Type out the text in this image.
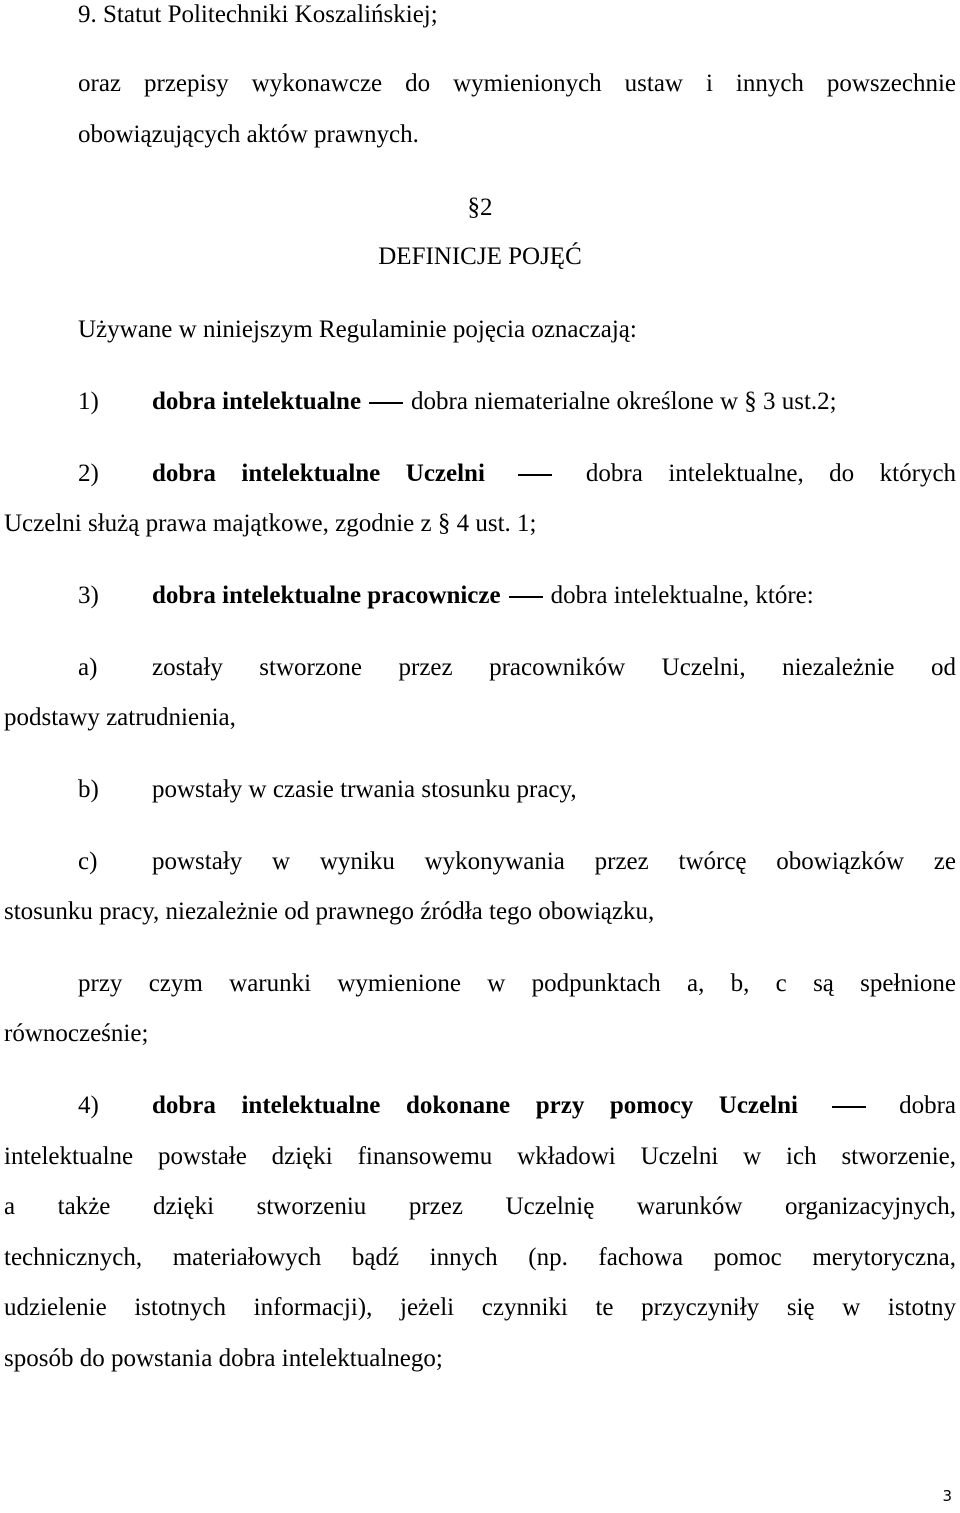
9. Statut Politechniki Koszalińskiej;
oraz przepisy wykonawcze do wymienionych ustaw i innych powszechnie
obowiązujących aktów prawnych.
§2
DEFINICJE POJĘĆ
Używane w niniejszym Regulaminie pojęcia oznaczają:
1) dobra intelektualne dobra niematerialne określone w § 3 ust.2;
2) dobra intelektualne Uczelni	dobra intelektualne, do których
Uczelni służą prawa majątkowe, zgodnie z § 4 ust. 1;
3) dobra intelektualne pracownicze dobra intelektualne, które:
a) zostały stworzone przez pracowników Uczelni, niezależnie od
podstawy zatrudnienia,
b) powstały w czasie trwania stosunku pracy,
c) powstały w wyniku wykonywania przez twórcę obowiązków ze
stosunku pracy, niezależnie od prawnego źródła tego obowiązku,
przy czym warunki wymienione w podpunktach a, b, c są spełnione
równocześnie;
4) dobra intelektualne dokonane przy pomocy Uczelni	dobra
intelektualne powstałe dzięki finansowemu wkładowi Uczelni w ich stworzenie,
a także dzięki stworzeniu przez Uczelnię warunków organizacyjnych,
technicznych, materiałowych bądź innych (np. fachowa pomoc merytoryczna,
udzielenie istotnych informacji), jeżeli czynniki te przyczyniły się w istotny
sposób do powstania dobra intelektualnego;
3
